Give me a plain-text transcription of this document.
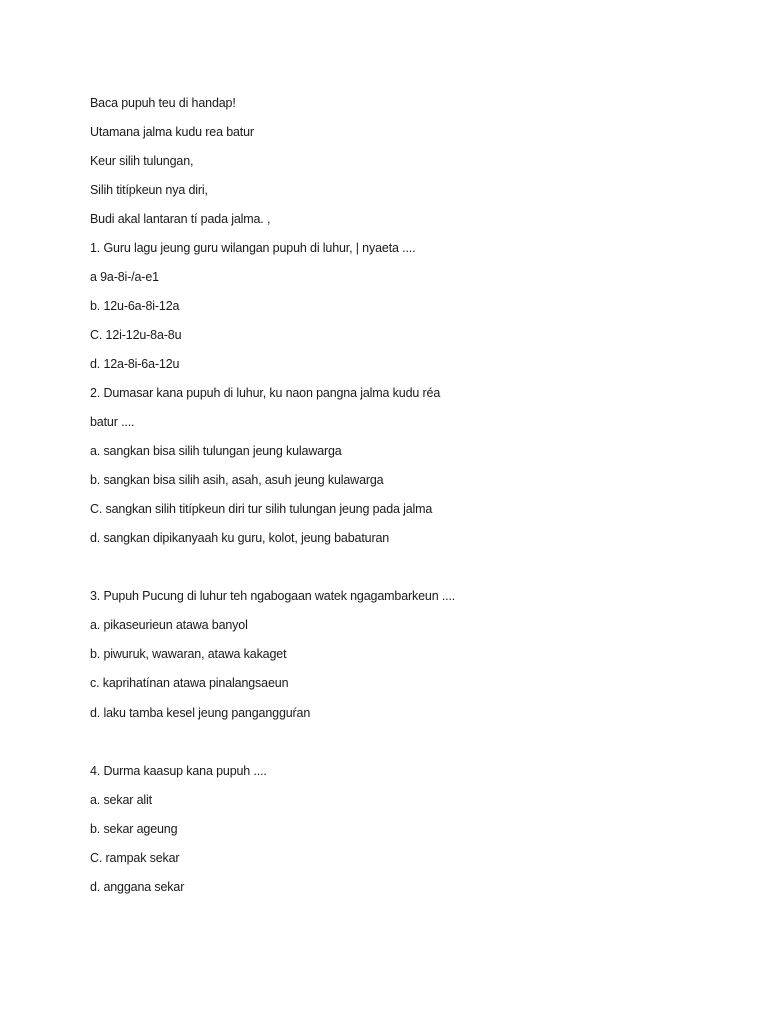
Baca pupuh teu di handap!
Utamana jalma kudu rea batur
Keur silih tulungan,
Silih titípkeun nya diri,
Budi akal lantaran tí pada jalma. ,
1. Guru lagu jeung guru wilangan pupuh di luhur, | nyaeta ....
a 9a-8i-/a-e1
b. 12u-6a-8i-12a
C. 12i-12u-8a-8u
d. 12a-8i-6a-12u
2. Dumasar kana pupuh di luhur, ku naon pangna jalma kudu réa
batur ....
a. sangkan bisa silih tulungan jeung kulawarga
b. sangkan bisa silih asih, asah, asuh jeung kulawarga
C. sangkan silih titípkeun diri tur silih tulungan jeung pada jalma
d. sangkan dipikanyaah ku guru, kolot, jeung babaturan
3. Pupuh Pucung di luhur teh ngabogaan watek ngagambarkeun ....
a. pikaseurieun atawa banyol
b. piwuruk, wawaran, atawa kakaget
c. kaprihatínan atawa pinalangsaeun
d. laku tamba kesel jeung pangangguŕan
4. Durma kaasup kana pupuh ....
a. sekar alit
b. sekar ageung
C. rampak sekar
d. anggana sekar
